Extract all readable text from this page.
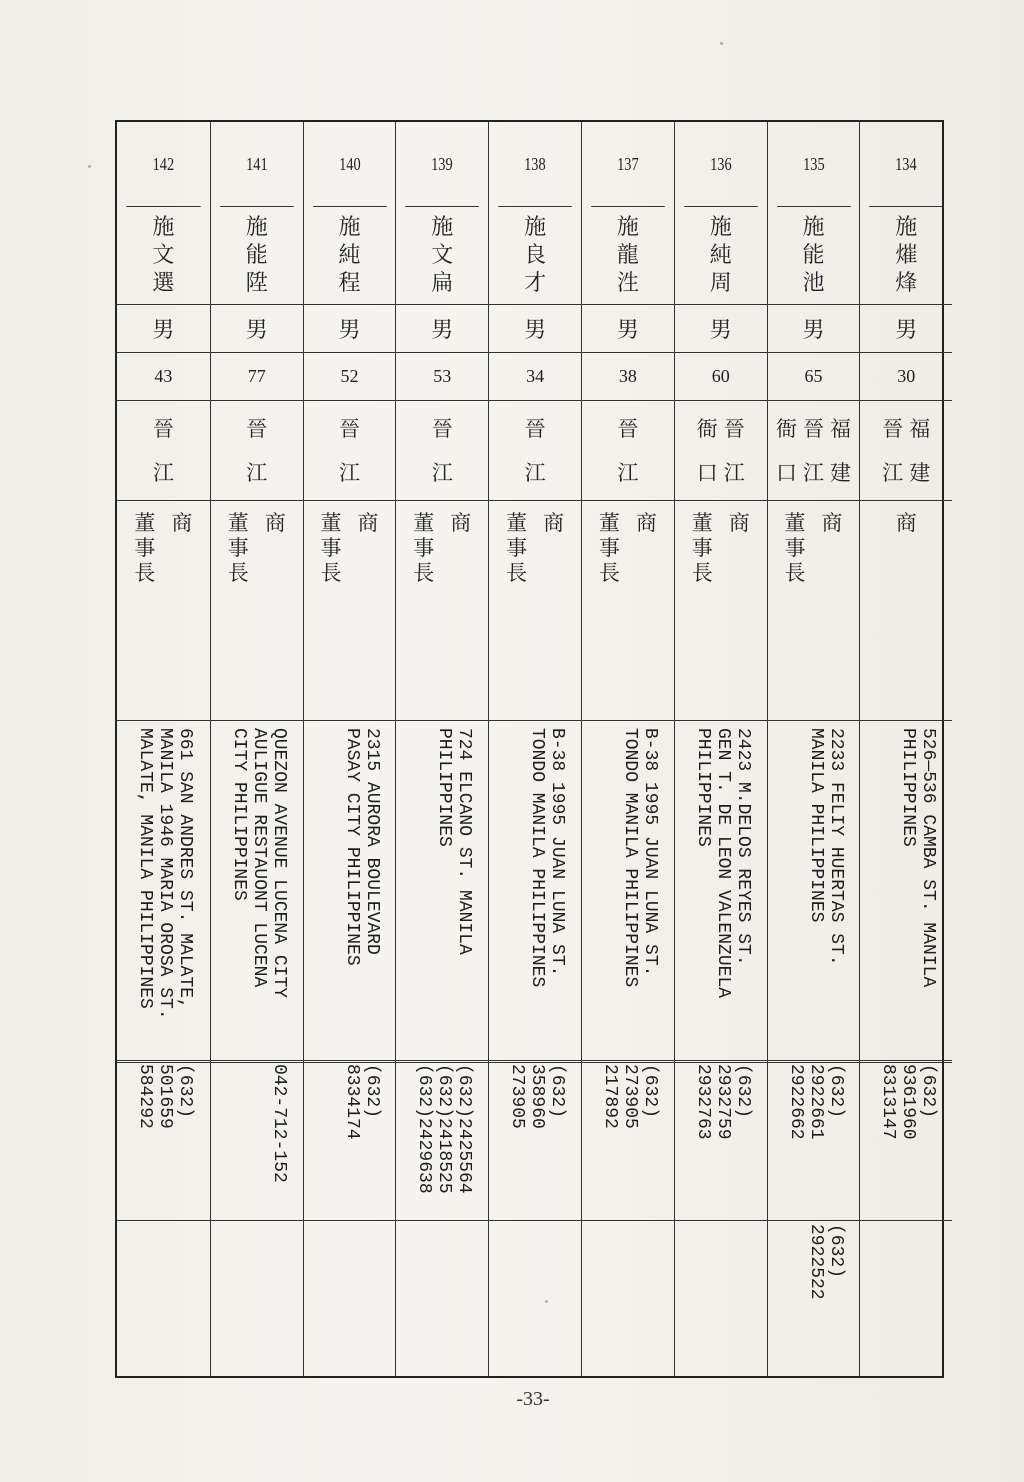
142
施
文
選
男
43
晉
江
商
董
事
長
661 SAN ANDRES ST. MALATE,
MANILA 1946 MARIA OROSA ST.
MALATE, MANILA PHILIPPINES
(632)
501659
584292
141
施
能
陞
男
77
晉
江
商
董
事
長
QUEZON AVENUE LUCENA CITY
AULIGUE RESTAUONT LUCENA
CITY PHILIPPINES
042-712-152
140
施
純
程
男
52
晉
江
商
董
事
長
2315 AURORA BOULEVARD
PASAY CITY PHILIPPINES
(632)
8334174
139
施
文
扁
男
53
晉
江
商
董
事
長
724 ELCANO ST. MANILA
PHILIPPINES
(632)2425564
(632)2418525
(632)2429638
138
施
良
才
男
34
晉
江
商
董
事
長
B-38 1995 JUAN LUNA ST.
TONDO MANILA PHILIPPINES
(632)
358960
273905
137
施
龍
泩
男
38
晉
江
商
董
事
長
B-38 1995 JUAN LUNA ST.
TONDO MANILA PHILIPPINES
(632)
273905
217892
136
施
純
周
男
60
晉
江
衙
口
商
董
事
長
2423 M.DELOS REYES ST.
GEN T. DE LEON VALENZUELA
PHILIPPINES
(632)
2932759
2932763
135
施
能
池
男
65
福
建
晉
江
衙
口
商
董
事
長
2233 FELIY HUERTAS ST.
MANILA PHILIPPINES
(632)
2922661
2922662
(632)
2922522
134
施
熣
烽
男
30
福
建
晉
江
商
526—536 CAMBA ST. MANILA
PHILIPPINES
(632)
9361960
8313147
-33-
